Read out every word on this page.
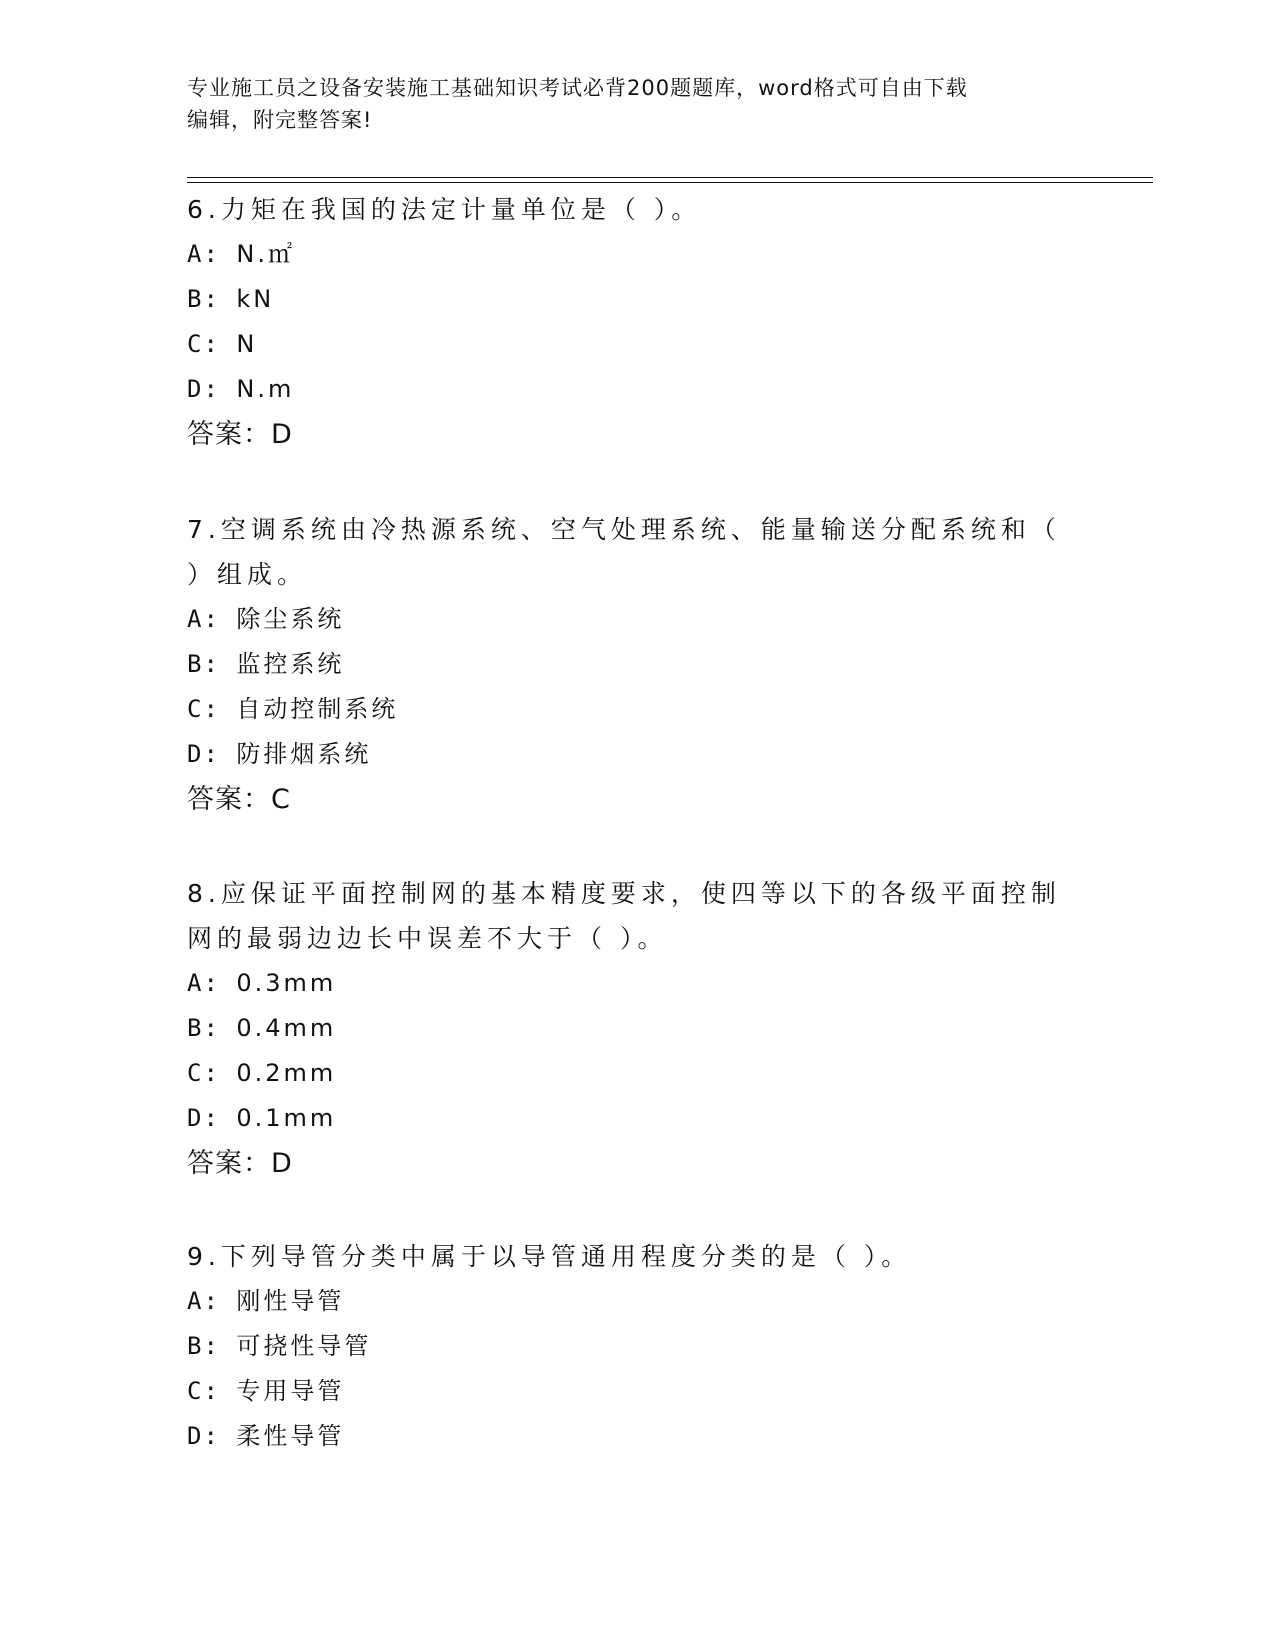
专业施工员之设备安装施工基础知识考试必背200题题库，word格式可自由下载
编辑，附完整答案!
6.力矩在我国的法定计量单位是（ ）。
A: N.㎡
B: kN
C: N
D: N.m
答案：D
7.空调系统由冷热源系统、空气处理系统、能量输送分配系统和（ ）组成。
A: 除尘系统
B: 监控系统
C: 自动控制系统
D: 防排烟系统
答案：C
8.应保证平面控制网的基本精度要求，使四等以下的各级平面控制网的最弱边边长中误差不大于（ ）。
A: 0.3mm
B: 0.4mm
C: 0.2mm
D: 0.1mm
答案：D
9.下列导管分类中属于以导管通用程度分类的是（ ）。
A: 刚性导管
B: 可挠性导管
C: 专用导管
D: 柔性导管
